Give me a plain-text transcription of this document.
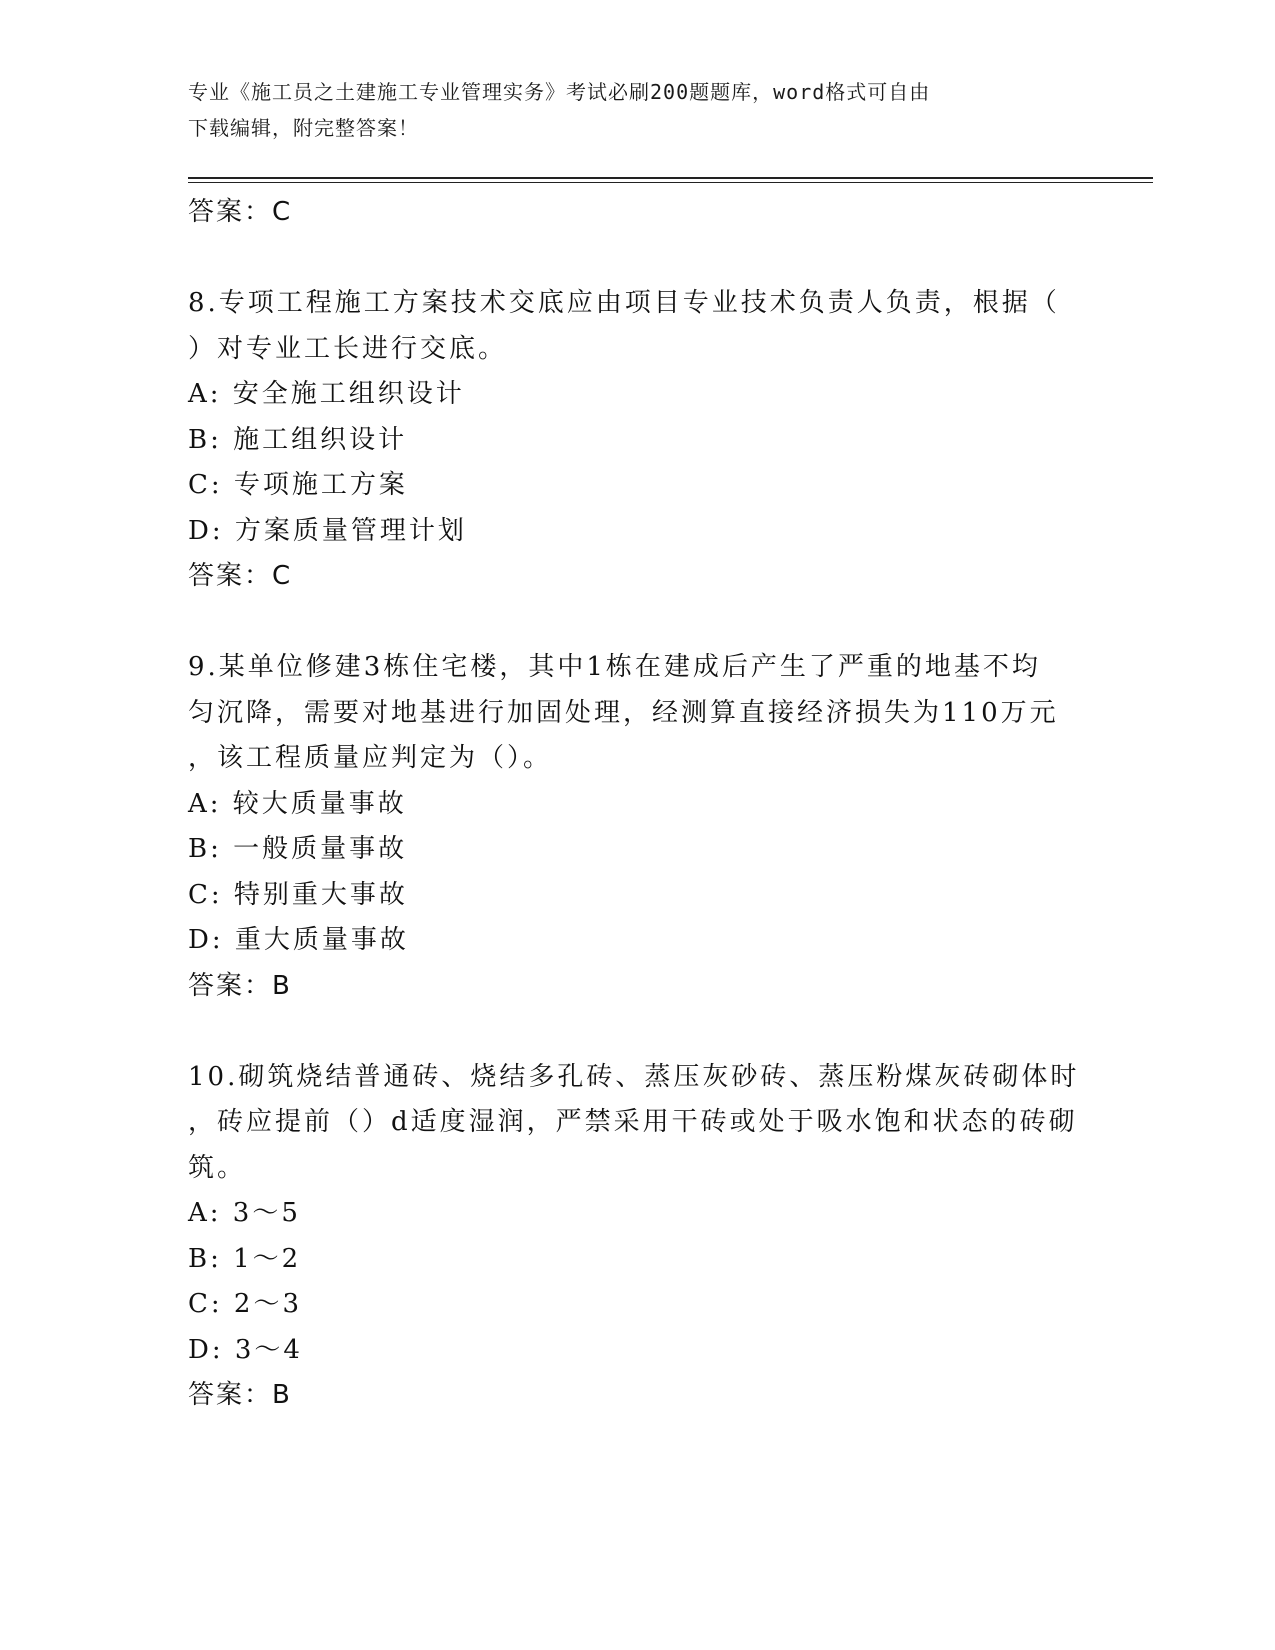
专业《施工员之土建施工专业管理实务》考试必刷200题题库，word格式可自由
下载编辑，附完整答案！
答案：C
8.专项工程施工方案技术交底应由项目专业技术负责人负责，根据（
）对专业工长进行交底。
A: 安全施工组织设计
B: 施工组织设计
C: 专项施工方案
D: 方案质量管理计划
答案：C
9.某单位修建3栋住宅楼，其中1栋在建成后产生了严重的地基不均
匀沉降，需要对地基进行加固处理，经测算直接经济损失为110万元
，该工程质量应判定为（）。
A: 较大质量事故
B: 一般质量事故
C: 特别重大事故
D: 重大质量事故
答案：B
10.砌筑烧结普通砖、烧结多孔砖、蒸压灰砂砖、蒸压粉煤灰砖砌体时
，砖应提前（）d适度湿润，严禁采用干砖或处于吸水饱和状态的砖砌
筑。
A: 3～5
B: 1～2
C: 2～3
D: 3～4
答案：B
